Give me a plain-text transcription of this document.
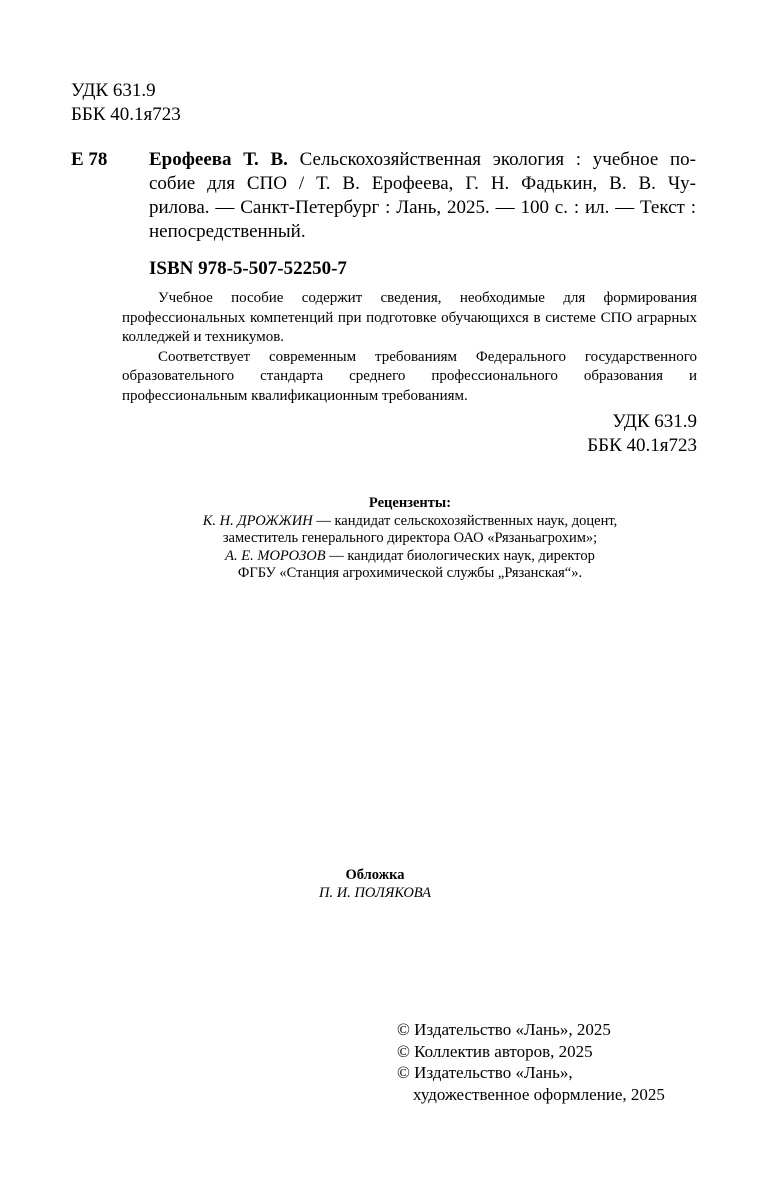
УДК 631.9
ББК 40.1я723
Е 78 Ерофеева Т. В. Сельскохозяйственная экология : учебное по-
собие для СПО / Т. В. Ерофеева, Г. Н. Фадькин, В. В. Чу-
рилова. — Санкт-Петербург : Лань, 2025. — 100 с. : ил. — Текст :
непосредственный.
ISBN 978-5-507-52250-7

Учебное пособие содержит сведения, необходимые для формирования профессиональных компетенций при подготовке обучающихся в системе СПО аграрных колледжей и техникумов.

Соответствует современным требованиям Федерального государственного образовательного стандарта среднего профессионального образования и профессиональным квалификационным требованиям.

УДК 631.9
ББК 40.1я723
Рецензенты:
К. Н. ДРОЖЖИН — кандидат сельскохозяйственных наук, доцент,
заместитель генерального директора ОАО «Рязаньагрохим»;
А. Е. МОРОЗОВ — кандидат биологических наук, директор
ФГБУ «Станция агрохимической службы „Рязанская“».
Обложка
П. И. ПОЛЯКОВА
© Издательство «Лань», 2025
© Коллектив авторов, 2025
© Издательство «Лань»,
художественное оформление, 2025
